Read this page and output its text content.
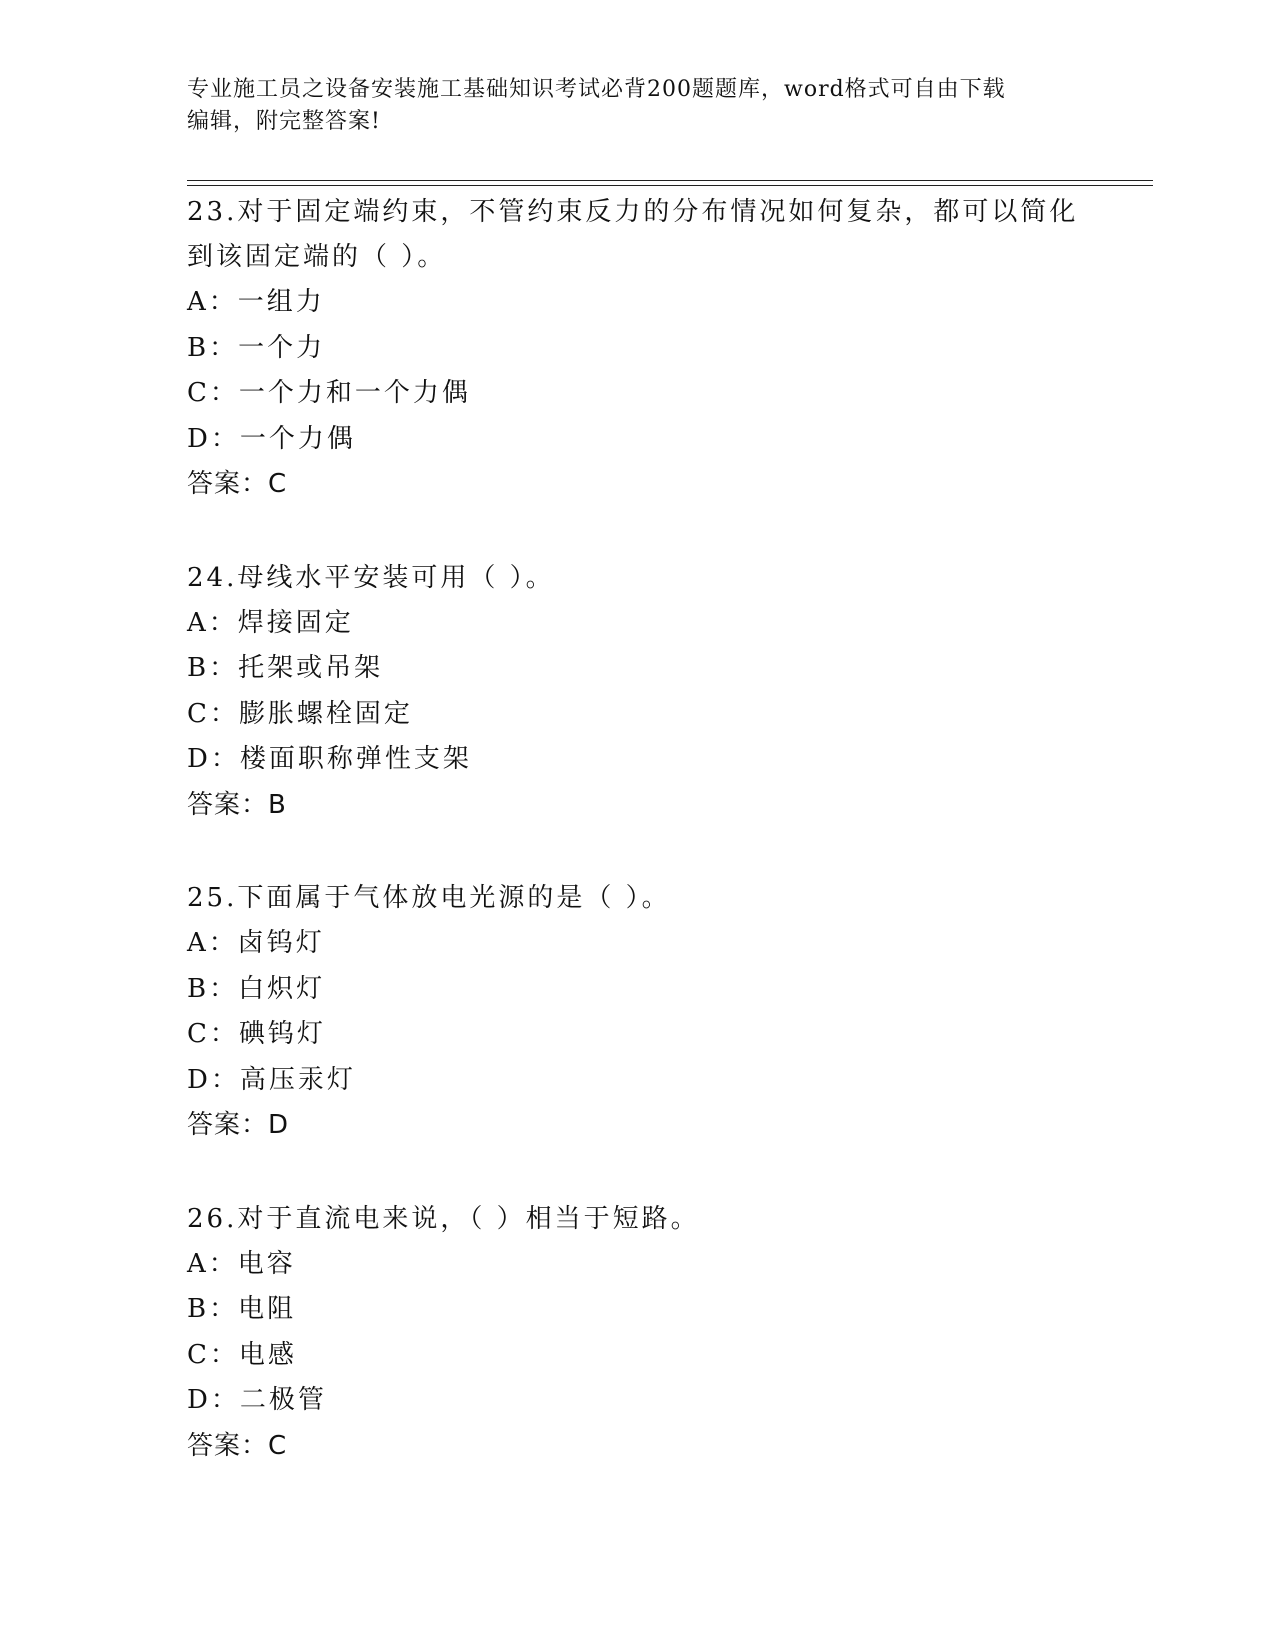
专业施工员之设备安装施工基础知识考试必背200题题库，word格式可自由下载
编辑，附完整答案!
23.对于固定端约束，不管约束反力的分布情况如何复杂，都可以简化
到该固定端的（ ）。
A：一组力
B：一个力
C：一个力和一个力偶
D：一个力偶
答案：C
24.母线水平安装可用（ ）。
A：焊接固定
B：托架或吊架
C：膨胀螺栓固定
D：楼面职称弹性支架
答案：B
25.下面属于气体放电光源的是（ ）。
A：卤钨灯
B：白炽灯
C：碘钨灯
D：高压汞灯
答案：D
26.对于直流电来说，（ ）相当于短路。
A：电容
B：电阻
C：电感
D：二极管
答案：C
